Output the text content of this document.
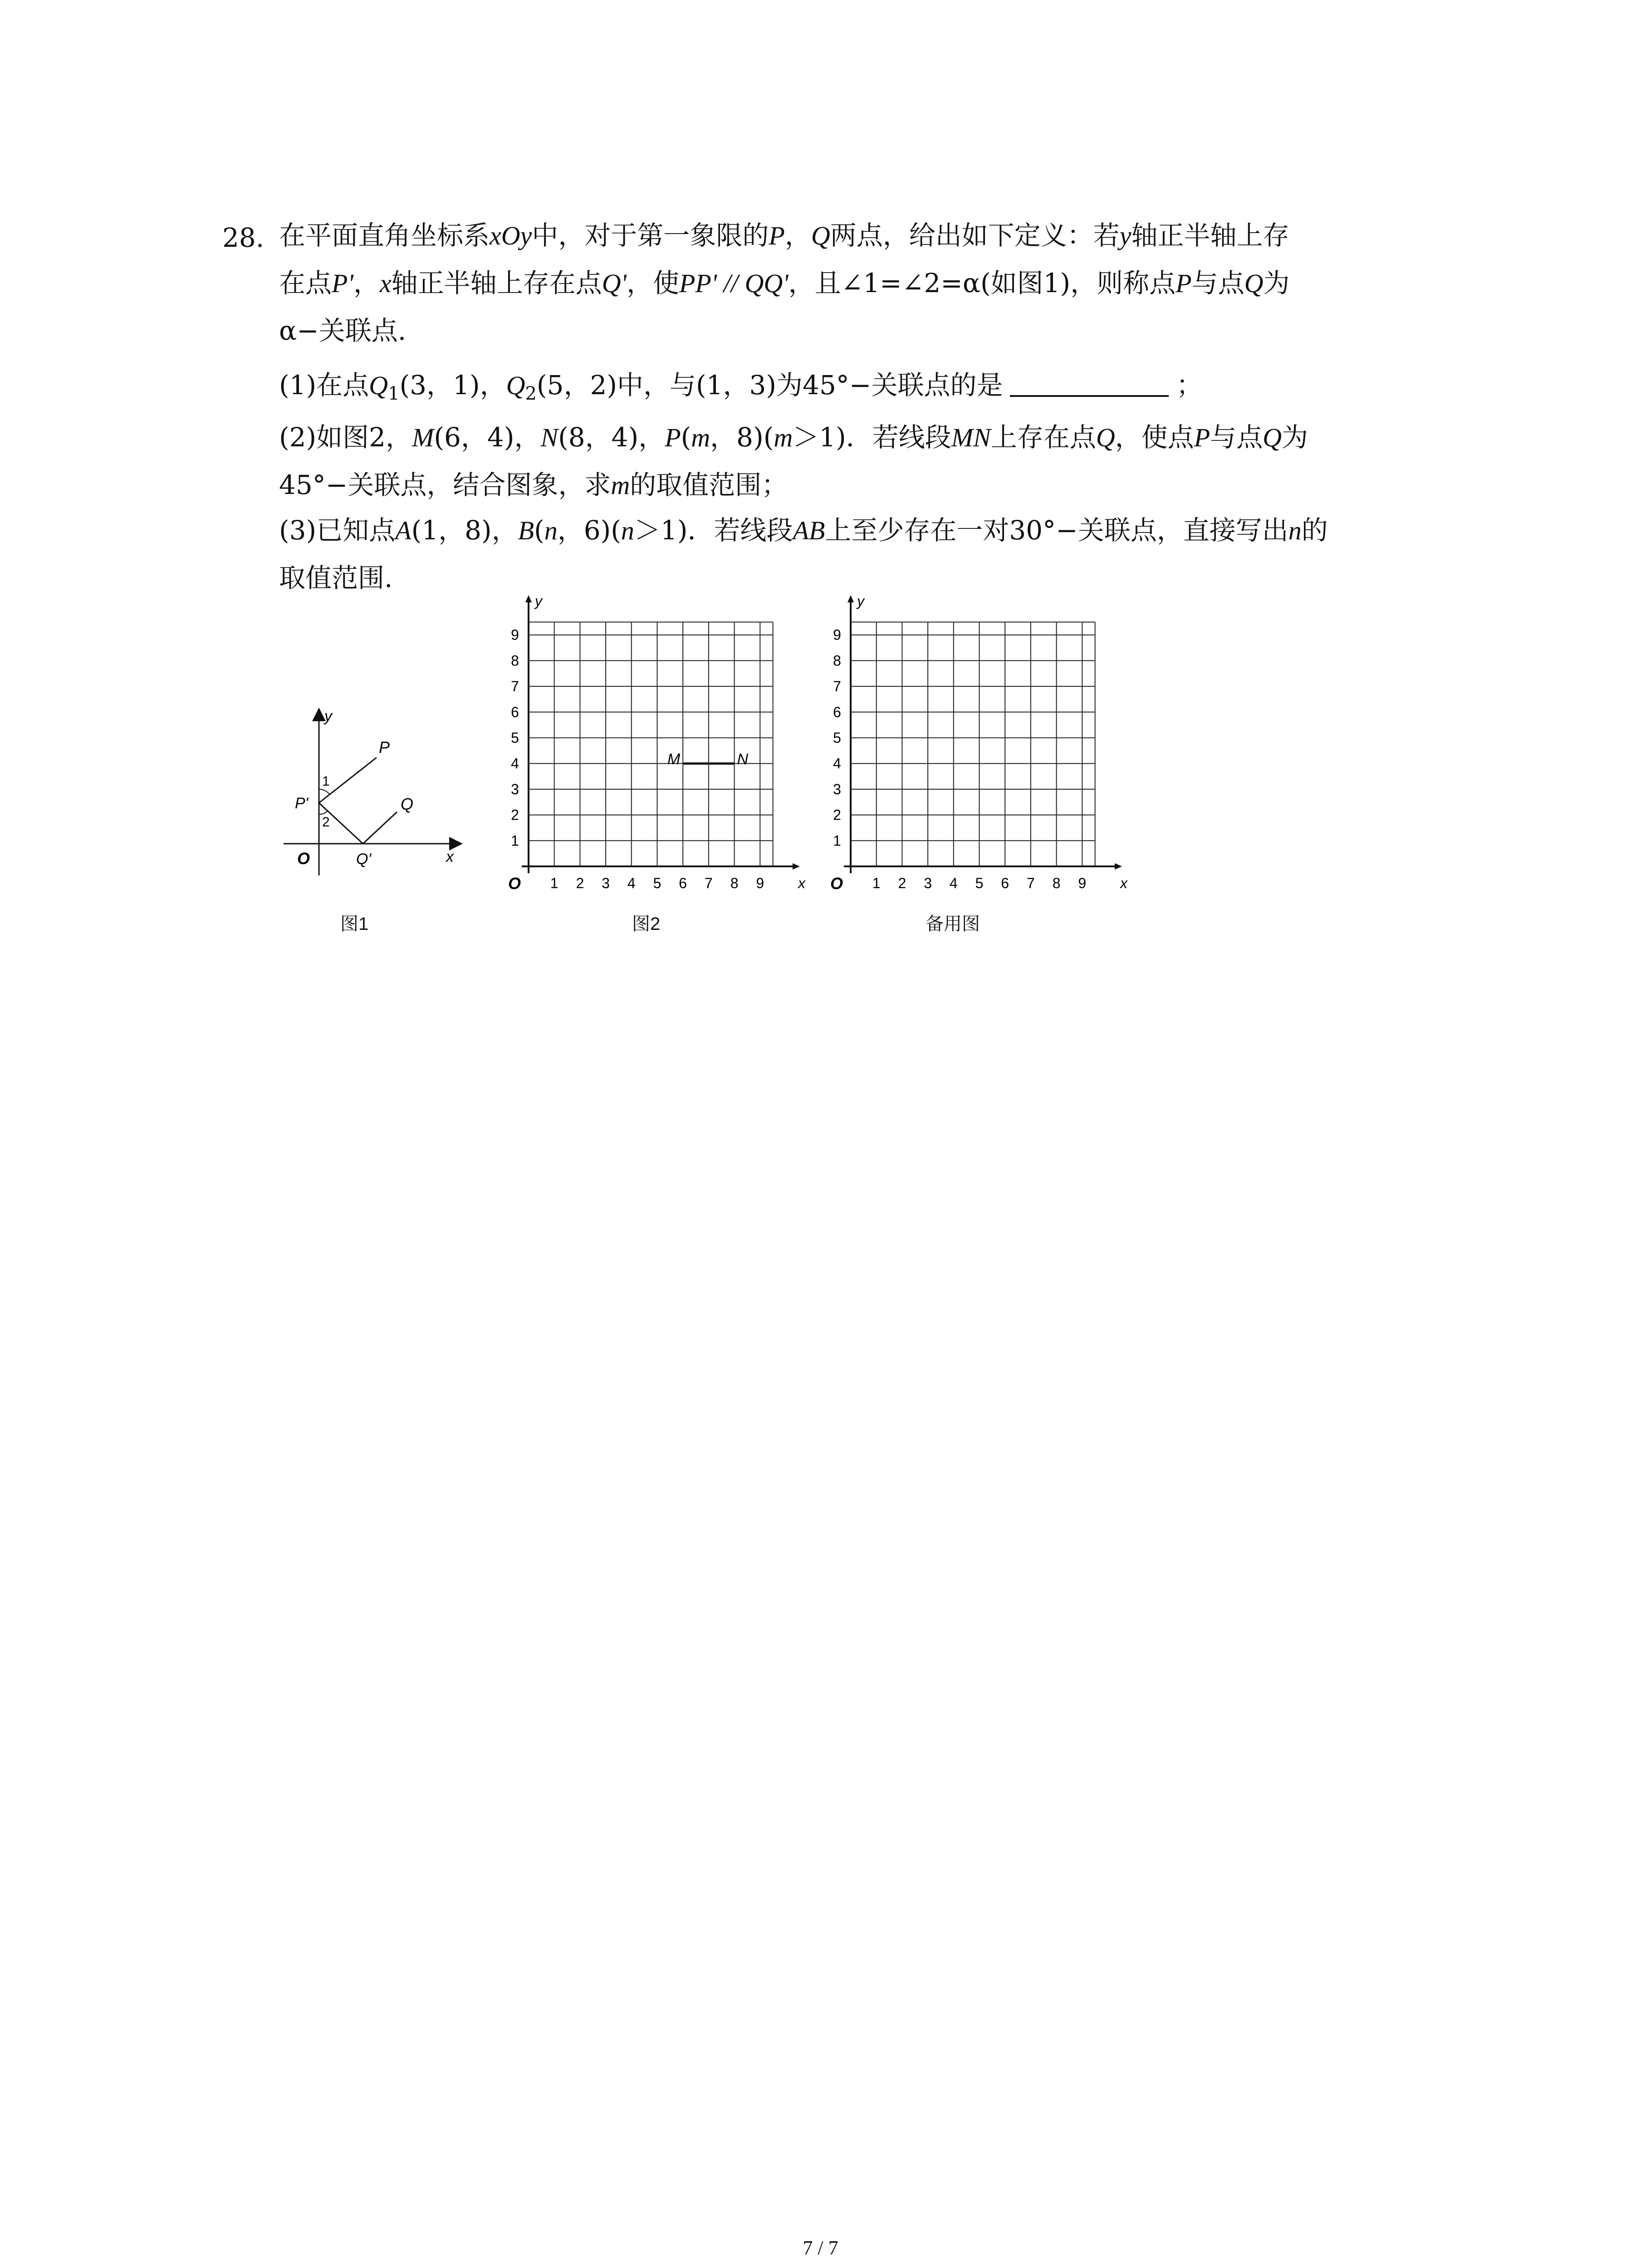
28. 在平面直角坐标系xOy中，对于第一象限的P，Q两点，给出如下定义：若y轴正半轴上存
在点P'，x轴正半轴上存在点Q'，使PP' // QQ'，且∠1=∠2=α(如图1)，则称点P与点Q为
α−关联点.
(1)在点$Q_1(3$，1)，$Q_2(5$，2)中，与(1，3)为45°−关联点的是	；
(2)如图2，M(6，4)，N(8，4)，P(m，8)(m＞1)．若线段MN上存在点Q，使点P与点Q为
45°−关联点，结合图象，求m的取值范围；
(3)已知点A(1，8)，B(n，6)(n＞1)．若线段AB上至少存在一对30°−关联点，直接写出n的
取值范围.
y
x
O
P
Q
P'
Q'
1
2
图1
1 2 3 4 5 6 7 8 9
1
2
3
4
5
6
7
8
9
O	x
y
M	N
图2
1 2 3 4 5 6 7 8 9
1
2
3
4
5
6
7
8
9
O	x
y
备用图
7 / 7
